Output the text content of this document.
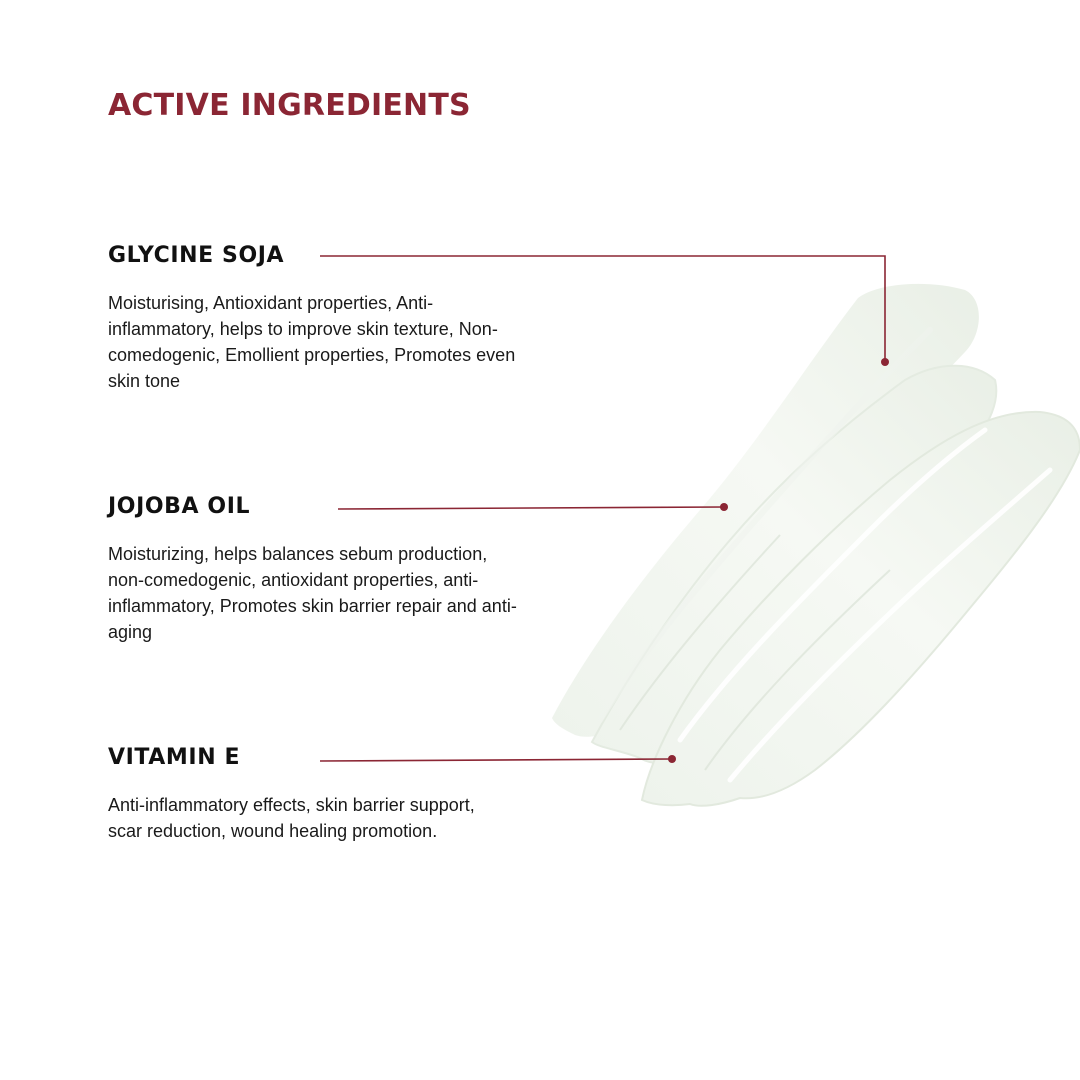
ACTIVE INGREDIENTS
GLYCINE SOJA

Moisturising, Antioxidant properties, Anti-inflammatory, helps to improve skin texture, Non-comedogenic, Emollient properties, Promotes even skin tone

JOJOBA OIL

Moisturizing, helps balances sebum production, non-comedogenic, antioxidant properties, anti-inflammatory, Promotes skin barrier repair and anti-aging

VITAMIN E

Anti-inflammatory effects, skin barrier support, scar reduction, wound healing promotion.
